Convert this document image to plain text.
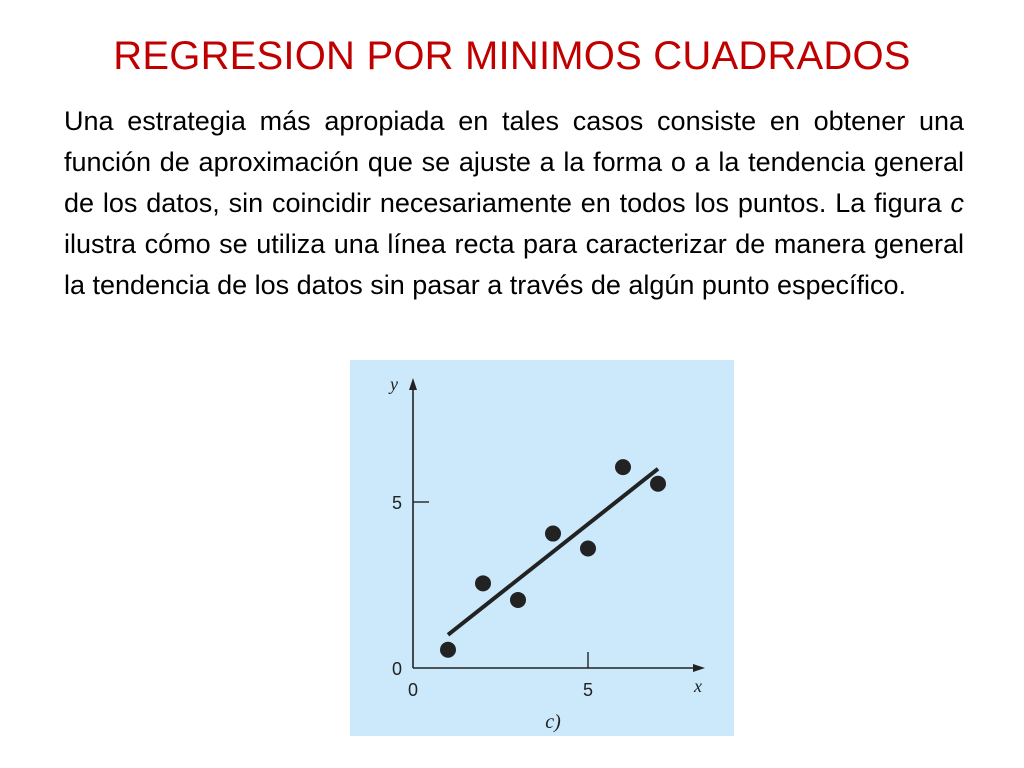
REGRESION POR MINIMOS CUADRADOS
Una estrategia más apropiada en tales casos consiste en obtener una función de aproximación que se ajuste a la forma o a la tendencia general de los datos, sin coincidir necesariamente en todos los puntos. La figura c ilustra cómo se utiliza una línea recta para caracterizar de manera general la tendencia de los datos sin pasar a través de algún punto específico.
0	5
0
5
x
y
c)
